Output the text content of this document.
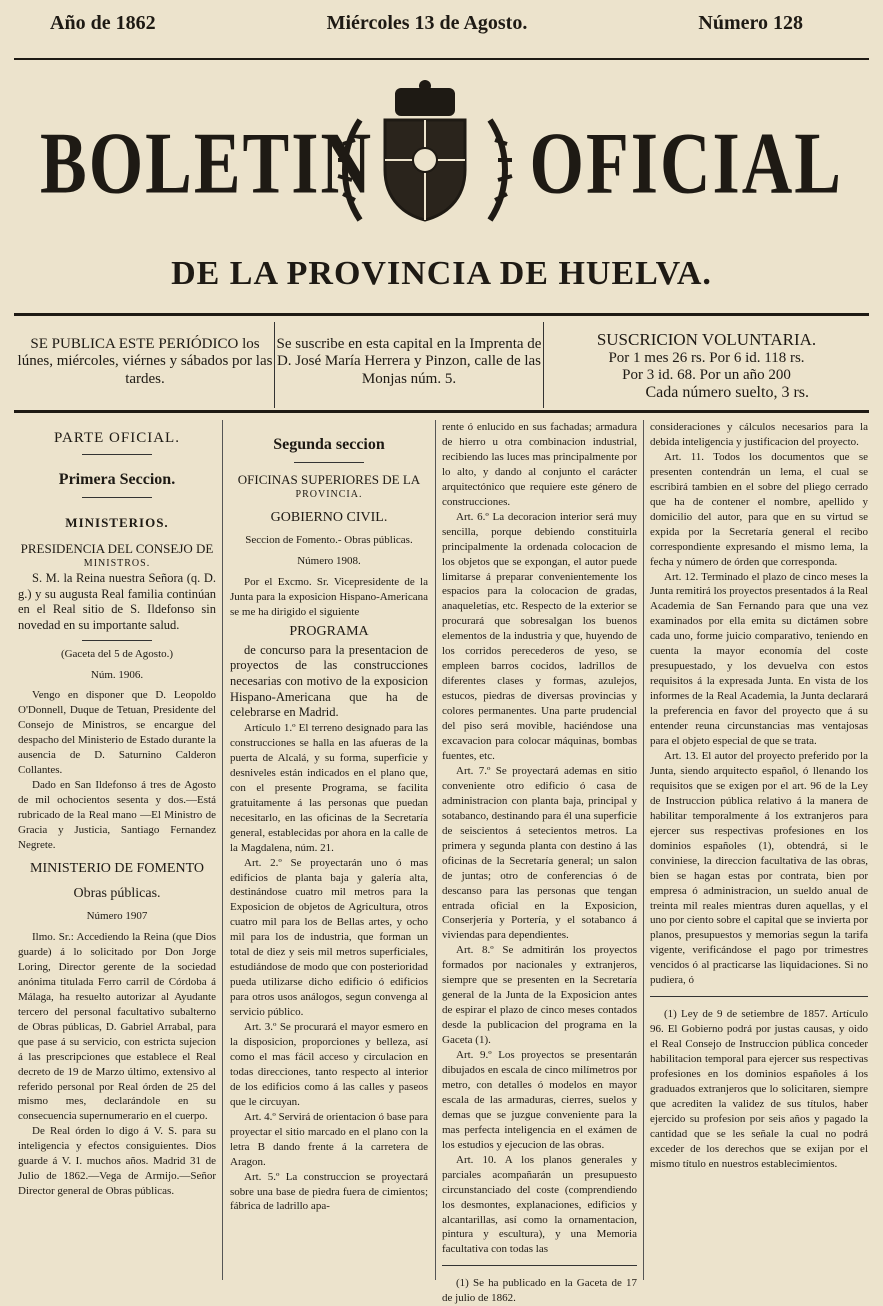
Año de 1862	Miércoles 13 de Agosto.	Número 128
BOLETIN OFICIAL
DE LA PROVINCIA DE HUELVA.
SE PUBLICA ESTE PERIÓDICO los lúnes, miércoles, viérnes y sábados por las tardes.
Se suscribe en esta capital en la Imprenta de D. José María Herrera y Pinzon, calle de las Monjas núm. 5.
SUSCRICION VOLUNTARIA.
Por 1 mes 26 rs. Por 6 id. 118 rs.
Por 3 id. 68. Por un año 200
Cada número suelto, 3 rs.
PARTE OFICIAL.
Primera Seccion.
MINISTERIOS.
PRESIDENCIA DEL CONSEJO DE
MINISTROS.

S. M. la Reina nuestra Señora (q. D. g.) y su augusta Real familia continúan en el Real sitio de S. Ildefonso sin novedad en su importante salud.

(Gaceta del 5 de Agosto.)
Núm. 1906.

Vengo en disponer que D. Leopoldo O'Donnell, Duque de Tetuan, Presidente del Consejo de Ministros, se encargue del despacho del Ministerio de Estado durante la ausencia de D. Saturnino Calderon Collantes.

Dado en San Ildefonso á tres de Agosto de mil ochocientos sesenta y dos.—Está rubricado de la Real mano —El Ministro de Gracia y Justicia, Santiago Fernandez Negrete.

MINISTERIO DE FOMENTO
Obras públicas.
Número 1907

Ilmo. Sr.: Accediendo la Reina (que Dios guarde) á lo solicitado por Don Jorge Loring, Director gerente de la sociedad anónima titulada Ferro carril de Córdoba á Málaga, ha resuelto autorizar al Ayudante tercero del personal facultativo subalterno de Obras públicas, D. Gabriel Arrabal, para que pase á su servicio, con estricta sujecion á las prescripciones que establece el Real decreto de 19 de Marzo último, extensivo al referido personal por Real órden de 25 del mismo mes, declarándole en su consecuencia supernumerario en el cuerpo.

De Real órden lo digo á V. S. para su inteligencia y efectos consiguientes. Dios guarde á V. I. muchos años. Madrid 31 de Julio de 1862.—Vega de Armijo.—Señor Director general de Obras públicas.

Segunda seccion
OFICINAS SUPERIORES DE LA
PROVINCIA.
GOBIERNO CIVIL.
Seccion de Fomento.- Obras públicas.
Número 1908.

Por el Excmo. Sr. Vicepresidente de la Junta para la exposicion Hispano-Americana se me ha dirigido el siguiente

PROGRAMA

de concurso para la presentacion de proyectos de las construcciones necesarias con motivo de la exposicion Hispano-Americana que ha de celebrarse en Madrid.

Artículo 1.º El terreno designado para las construcciones se halla en las afueras de la puerta de Alcalá, y su forma, superficie y desniveles están indicados en el plano que, con el presente Programa, se facilita gratuitamente á las personas que puedan necesitarlo, en las oficinas de la Secretaría general, establecidas por ahora en la calle de la Magdalena, núm. 21.

Art. 2.º Se proyectarán uno ó mas edificios de planta baja y galería alta, destinándose cuatro mil metros para la Exposicion de objetos de Agricultura, otros cuatro mil para los de Bellas artes, y ocho mil para los de industria, que forman un total de diez y seis mil metros superficiales, estudiándose de modo que con posterioridad pueda utilizarse dicho edificio ó edificios para otros usos análogos, segun convenga al servicio público.

Art. 3.º Se procurará el mayor esmero en la disposicion, proporciones y belleza, así como el mas fácil acceso y circulacion en todas direcciones, tanto respecto al interior de los edificios como á las calles y paseos que le circuyan.

Art. 4.º Servirá de orientacion ó base para proyectar el sitio marcado en el plano con la letra B dando frente á la carretera de Aragon.

Art. 5.º La construccion se proyectará sobre una base de piedra fuera de cimientos; fábrica de ladrillo apa-

rente ó enlucido en sus fachadas; armadura de hierro u otra combinacion industrial, recibiendo las luces mas principalmente por lo alto, y dando al conjunto el carácter arquitectónico que requiere este género de construcciones.

Art. 6.º La decoracion interior será muy sencilla, porque debiendo constituirla principalmente la ordenada colocacion de los objetos que se expongan, el autor puede limitarse á preparar convenientemente los espacios para la colocacion de gradas, anaqueletías, etc. Respecto de la exterior se procurará que sobresalgan los buenos elementos de la industria y que, huyendo de los corridos perecederos de yeso, se empleen barros cocidos, ladrillos de diferentes clases y formas, azulejos, estucos, piedras de diversas provincias y colores permanentes. Una parte prudencial del piso será movible, haciéndose una excavacion para colocar máquinas, bombas fuentes, etc.

Art. 7.º Se proyectará ademas en sitio conveniente otro edificio ó casa de administracion con planta baja, principal y sotabanco, destinando para él una superficie de seiscientos á setecientos metros. La primera y segunda planta con destino á las oficinas de la Secretaría general; un salon de juntas; otro de conferencias ó de descanso para las personas que tengan entrada oficial en la Exposicion, Conserjería y Portería, y el sotabanco á viviendas para dependientes.

Art. 8.º Se admitirán los proyectos formados por nacionales y extranjeros, siempre que se presenten en la Secretaría general de la Junta de la Exposicion antes de espirar el plazo de cinco meses contados desde la publicacion del programa en la Gaceta (1).

Art. 9.º Los proyectos se presentarán dibujados en escala de cinco milímetros por metro, con detalles ó modelos en mayor escala de las armaduras, cierres, suelos y demas que se juzgue conveniente para la mas perfecta inteligencia en el exámen de los estudios y ejecucion de las obras.

Art. 10. A los planos generales y parciales acompañarán un presupuesto circunstanciado del coste (comprendiendo los desmontes, explanaciones, edificios y alcantarillas, así como la ornamentacion, pintura y escultura), y una Memoria facultativa con todas las

(1) Se ha publicado en la Gaceta de 17 de julio de 1862.

consideraciones y cálculos necesarios para la debida inteligencia y justificacion del proyecto.

Art. 11. Todos los documentos que se presenten contendrán un lema, el cual se escribirá tambien en el sobre del pliego cerrado que ha de contener el nombre, apellido y domicilio del autor, para que en su virtud se expida por la Secretaría general el recibo correspondiente expresando el mismo lema, la fecha y número de órden que corresponda.

Art. 12. Terminado el plazo de cinco meses la Junta remitirá los proyectos presentados á la Real Academia de San Fernando para que una vez examinados por ella emita su dictámen sobre cada uno, forme juicio comparativo, teniendo en cuenta la mayor economía del coste presupuestado, y los devuelva con estos requisitos á la expresada Junta. En vista de los informes de la Real Academia, la Junta declarará la preferencia en favor del proyecto que á su entender reuna circunstancias mas ventajosas para el objeto especial de que se trata.

Art. 13. El autor del proyecto preferido por la Junta, siendo arquitecto español, ó llenando los requisitos que se exigen por el art. 96 de la Ley de Instruccion pública relativo á la manera de habilitar temporalmente á los extranjeros para ejercer sus respectivas profesiones en los dominios españoles (1), obtendrá, si le conviniese, la direccion facultativa de las obras, bien se hagan estas por contrata, bien por empresa ó administracion, un sueldo anual de treinta mil reales mientras duren aquellas, y el uno por ciento sobre el capital que se invierta por planos, presupuestos y memorias segun la tarifa vigente, verificándose el pago por trimestres vencidos ó al practicarse las liquidaciones. Si no pudiera, ó

(1) Ley de 9 de setiembre de 1857. Artículo 96. El Gobierno podrá por justas causas, y oido el Real Consejo de Instruccion pública conceder habilitacion temporal para ejercer sus respectivas profesiones en los dominios españoles á los graduados extranjeros que lo solicitaren, siempre que acrediten la validez de sus títulos, haber ejercido su profesion por seis años y pagado la cantidad que se les señale la cual no podrá exceder de los derechos que se exijan por el mismo título en nuestros establecimientos.
